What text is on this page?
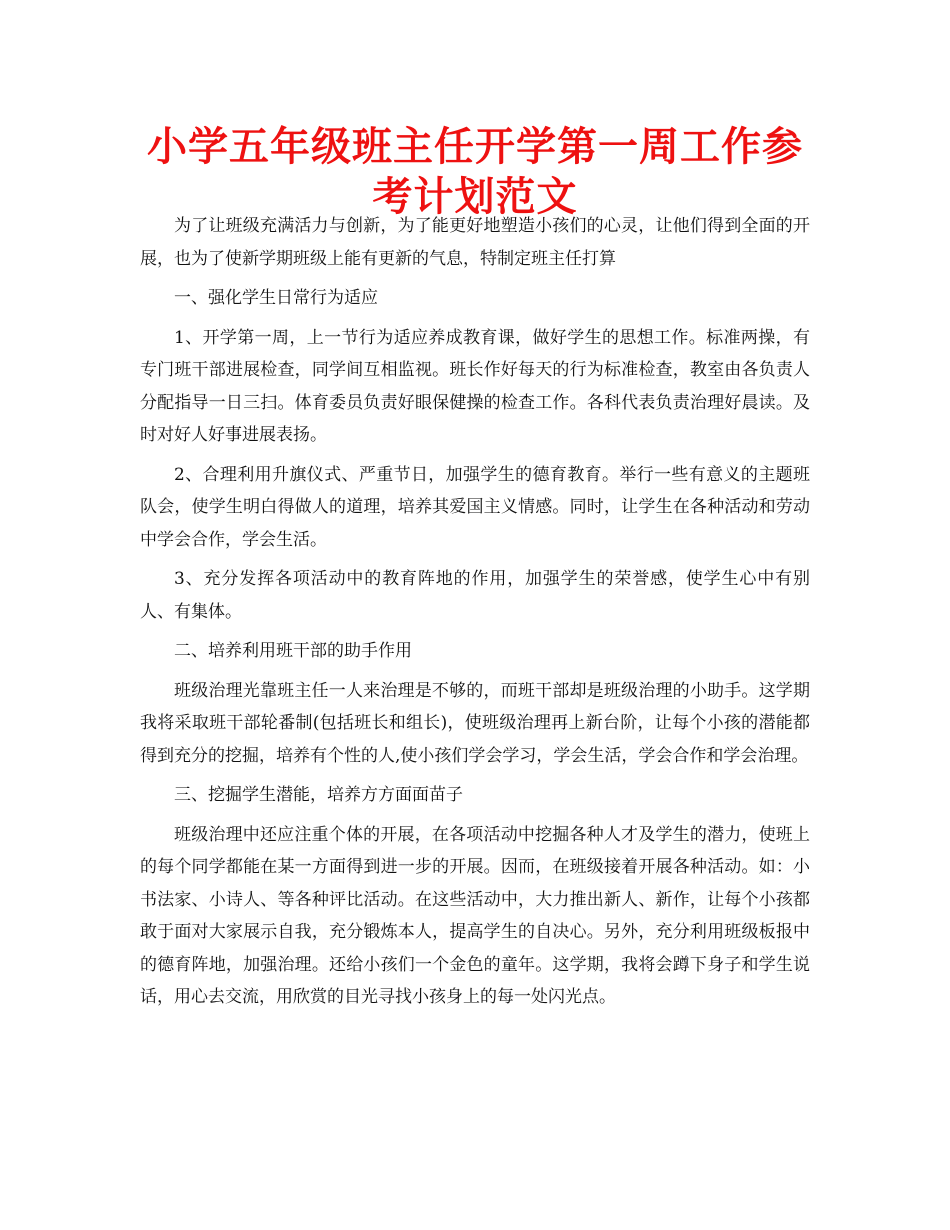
小学五年级班主任开学第一周工作参考计划范文

为了让班级充满活力与创新，为了能更好地塑造小孩们的心灵，让他们得到全面的开展，也为了使新学期班级上能有更新的气息，特制定班主任打算

一、强化学生日常行为适应

1、开学第一周，上一节行为适应养成教育课，做好学生的思想工作。标准两操，有专门班干部进展检查，同学间互相监视。班长作好每天的行为标准检查，教室由各负责人分配指导一日三扫。体育委员负责好眼保健操的检查工作。各科代表负责治理好晨读。及时对好人好事进展表扬。

2、合理利用升旗仪式、严重节日，加强学生的德育教育。举行一些有意义的主题班队会，使学生明白得做人的道理，培养其爱国主义情感。同时，让学生在各种活动和劳动中学会合作，学会生活。

3、充分发挥各项活动中的教育阵地的作用，加强学生的荣誉感，使学生心中有别人、有集体。

二、培养利用班干部的助手作用

班级治理光靠班主任一人来治理是不够的，而班干部却是班级治理的小助手。这学期我将采取班干部轮番制(包括班长和组长)，使班级治理再上新台阶，让每个小孩的潜能都得到充分的挖掘，培养有个性的人,使小孩们学会学习，学会生活，学会合作和学会治理。

三、挖掘学生潜能，培养方方面面苗子

班级治理中还应注重个体的开展，在各项活动中挖掘各种人才及学生的潜力，使班上的每个同学都能在某一方面得到进一步的开展。因而，在班级接着开展各种活动。如：小书法家、小诗人、等各种评比活动。在这些活动中，大力推出新人、新作，让每个小孩都敢于面对大家展示自我，充分锻炼本人，提高学生的自决心。另外，充分利用班级板报中的德育阵地，加强治理。还给小孩们一个金色的童年。这学期，我将会蹲下身子和学生说话，用心去交流，用欣赏的目光寻找小孩身上的每一处闪光点。
